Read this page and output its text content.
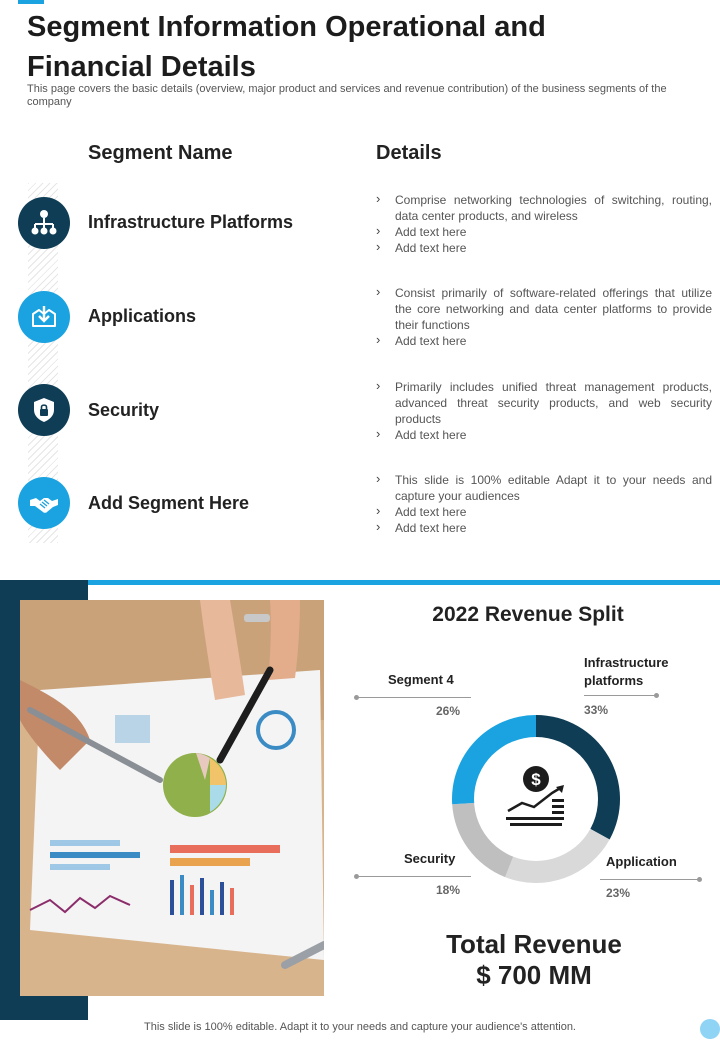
Segment Information Operational and
Financial Details

This page covers the basic details (overview, major product and services and revenue contribution) of the business segments of the company

Segment Name	Details
Infrastructure Platforms
› Comprise networking technologies of switching, routing, data center products, and wireless
› Add text here
› Add text here
Applications
› Consist primarily of software-related offerings that utilize the core networking and data center platforms to provide their functions
› Add text here
Security
› Primarily includes unified threat management products, advanced threat security products, and web security products
› Add text here
Add Segment Here
› This slide is 100% editable Adapt it to your needs and capture your audiences
› Add text here
› Add text here
2022 Revenue Split
$
Segment 4
26%
Infrastructure
platforms
33%
Security
18%
Application
23%
Total Revenue
$ 700 MM
This slide is 100% editable. Adapt it to your needs and capture your audience's attention.
